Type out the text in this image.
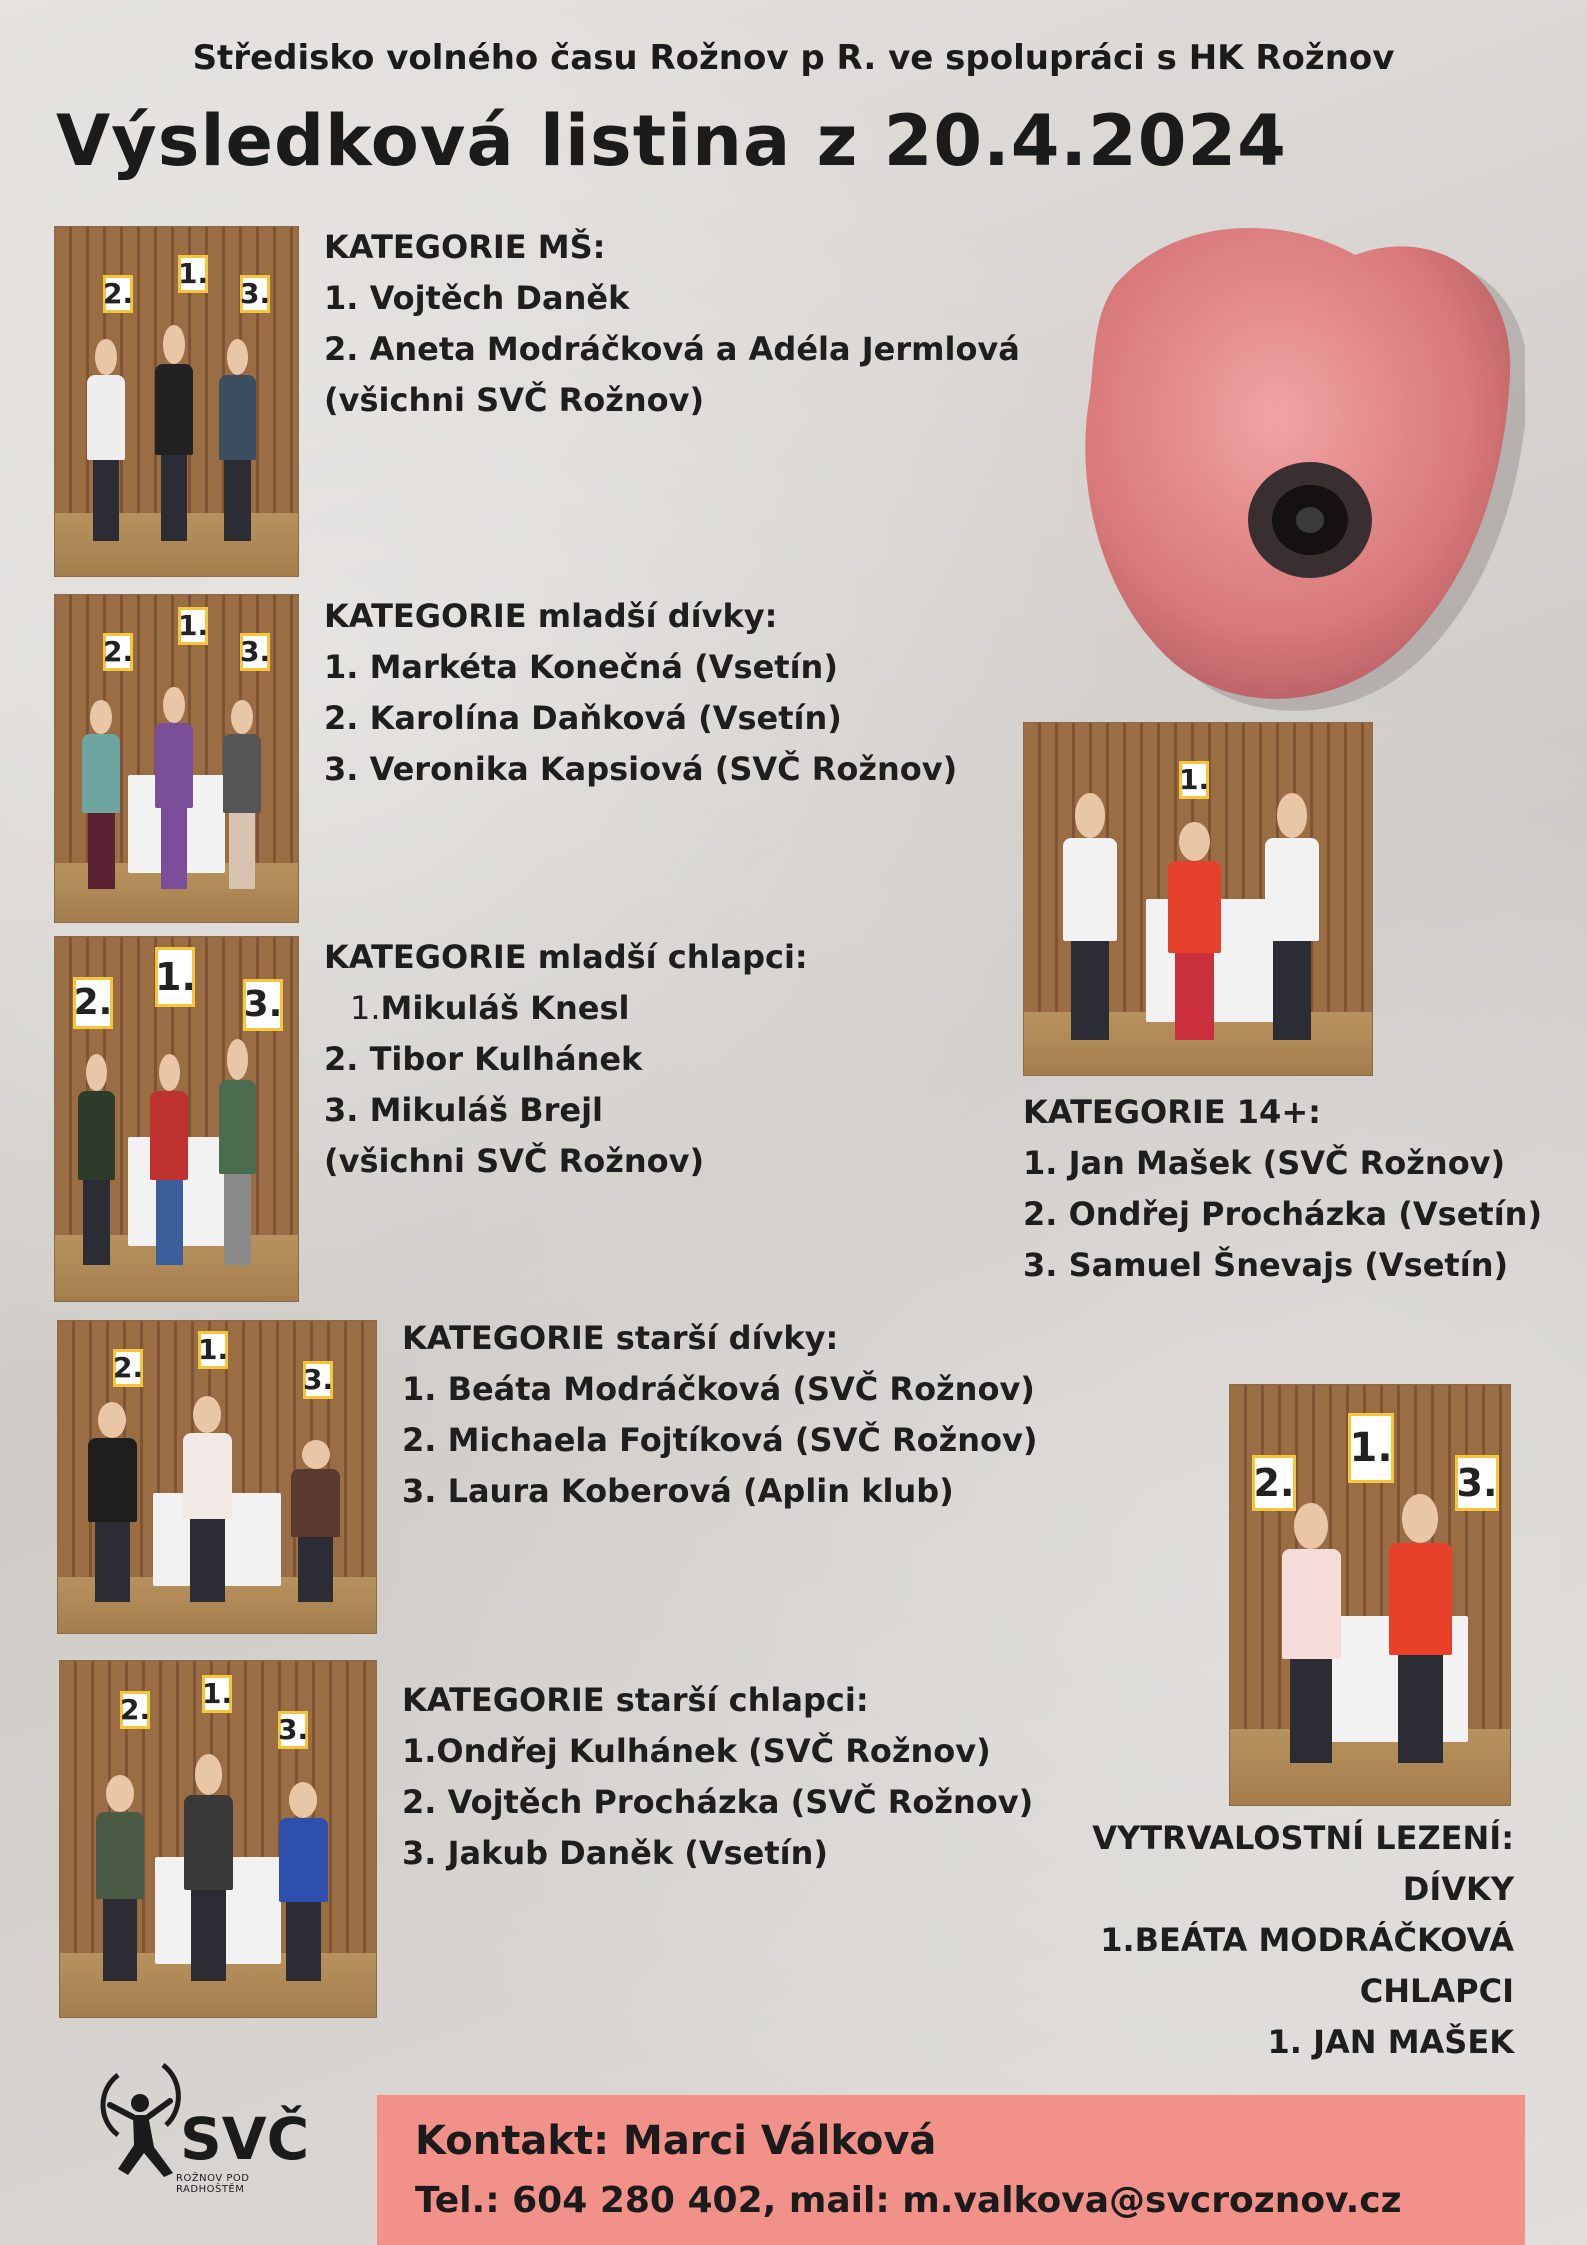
Středisko volného času Rožnov p R. ve spolupráci s HK Rožnov
Výsledková listina z 20.4.2024
2.
1.
3.
KATEGORIE MŠ:
1. Vojtěch Daněk
2. Aneta Modráčková a Adéla Jermlová
(všichni SVČ Rožnov)
2.
1.
3.
KATEGORIE mladší dívky:
1. Markéta Konečná (Vsetín)
2. Karolína Daňková (Vsetín)
3. Veronika Kapsiová (SVČ Rožnov)
2.
1.
3.
KATEGORIE mladší chlapci:
1.Mikuláš Knesl
2. Tibor Kulhánek
3. Mikuláš Brejl
(všichni SVČ Rožnov)
1.
KATEGORIE 14+:
1. Jan Mašek (SVČ Rožnov)
2. Ondřej Procházka (Vsetín)
3. Samuel Šnevajs (Vsetín)
2.
1.
3.
KATEGORIE starší dívky:
1. Beáta Modráčková (SVČ Rožnov)
2. Michaela Fojtíková (SVČ Rožnov)
3. Laura Koberová (Aplin klub)
2. 1.
3.
KATEGORIE starší chlapci:
1.Ondřej Kulhánek (SVČ Rožnov)
2. Vojtěch Procházka (SVČ Rožnov)
3. Jakub Daněk (Vsetín)
2.
1.
3.
VYTRVALOSTNÍ LEZENÍ:
DÍVKY
1.BEÁTA MODRÁČKOVÁ
CHLAPCI
1. JAN MAŠEK
SVČ
ROŽNOV POD RADHOŠTĚM
Kontakt: Marci Válková
Tel.: 604 280 402, mail: m.valkova@svcroznov.cz
